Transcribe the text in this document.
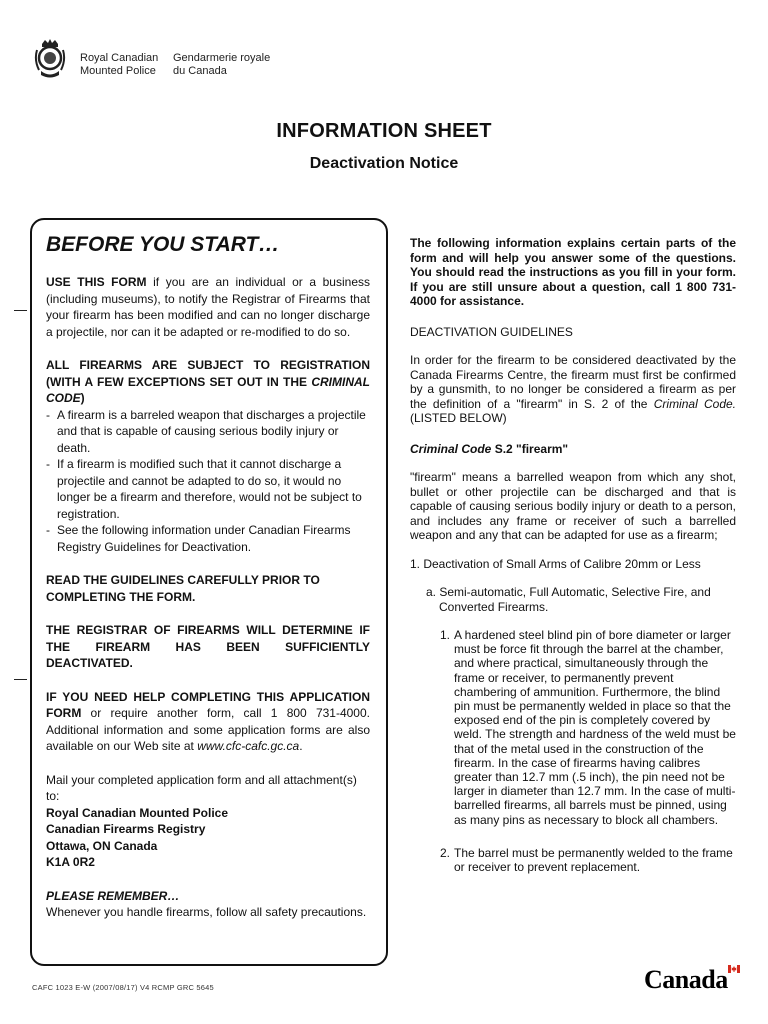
Royal Canadian
Mounted Police
Gendarmerie royale
du Canada
INFORMATION SHEET
Deactivation Notice

BEFORE YOU START…

USE THIS FORM if you are an individual or a business (including museums), to notify the Registrar of Firearms that your firearm has been modified and can no longer discharge a projectile, nor can it be adapted or re-modified to do so.

ALL FIREARMS ARE SUBJECT TO REGISTRATION (WITH A FEW EXCEPTIONS SET OUT IN THE CRIMINAL CODE)

- A firearm is a barreled weapon that discharges a projectile and that is capable of causing serious bodily injury or death.
- If a firearm is modified such that it cannot discharge a projectile and cannot be adapted to do so, it would no longer be a firearm and therefore, would not be subject to registration.
- See the following information under Canadian Firearms Registry Guidelines for Deactivation.

READ THE GUIDELINES CAREFULLY PRIOR TO COMPLETING THE FORM.

THE REGISTRAR OF FIREARMS WILL DETERMINE IF THE FIREARM HAS BEEN SUFFICIENTLY DEACTIVATED.

IF YOU NEED HELP COMPLETING THIS APPLICATION FORM or require another form, call 1 800 731-4000. Additional information and some application forms are also available on our Web site at www.cfc-cafc.gc.ca.

Mail your completed application form and all attachment(s) to:

Royal Canadian Mounted Police
Canadian Firearms Registry
Ottawa, ON Canada
K1A 0R2

PLEASE REMEMBER…

Whenever you handle firearms, follow all safety precautions.

The following information explains certain parts of the form and will help you answer some of the questions. You should read the instructions as you fill in your form. If you are still unsure about a question, call 1 800 731-4000 for assistance.

DEACTIVATION GUIDELINES

In order for the firearm to be considered deactivated by the Canada Firearms Centre, the firearm must first be confirmed by a gunsmith, to no longer be considered a firearm as per the definition of a "firearm" in S. 2 of the Criminal Code. (LISTED BELOW)

Criminal Code S.2 "firearm"

"firearm" means a barrelled weapon from which any shot, bullet or other projectile can be discharged and that is capable of causing serious bodily injury or death to a person, and includes any frame or receiver of such a barrelled weapon and any that can be adapted for use as a firearm;

1. Deactivation of Small Arms of Calibre 20mm or Less

a. Semi-automatic, Full Automatic, Selective Fire, and Converted Firearms.

1. A hardened steel blind pin of bore diameter or larger must be force fit through the barrel at the chamber, and where practical, simultaneously through the frame or receiver, to permanently prevent chambering of ammunition. Furthermore, the blind pin must be permanently welded in place so that the exposed end of the pin is completely covered by weld. The strength and hardness of the weld must be that of the metal used in the construction of the firearm. In the case of firearms having calibres greater than 12.7 mm (.5 inch), the pin need not be larger in diameter than 12.7 mm. In the case of multi-barrelled firearms, all barrels must be pinned, using as many pins as necessary to block all chambers.

2. The barrel must be permanently welded to the frame or receiver to prevent replacement.

CAFC 1023 E-W (2007/08/17) V4 RCMP GRC 5645	Canada
